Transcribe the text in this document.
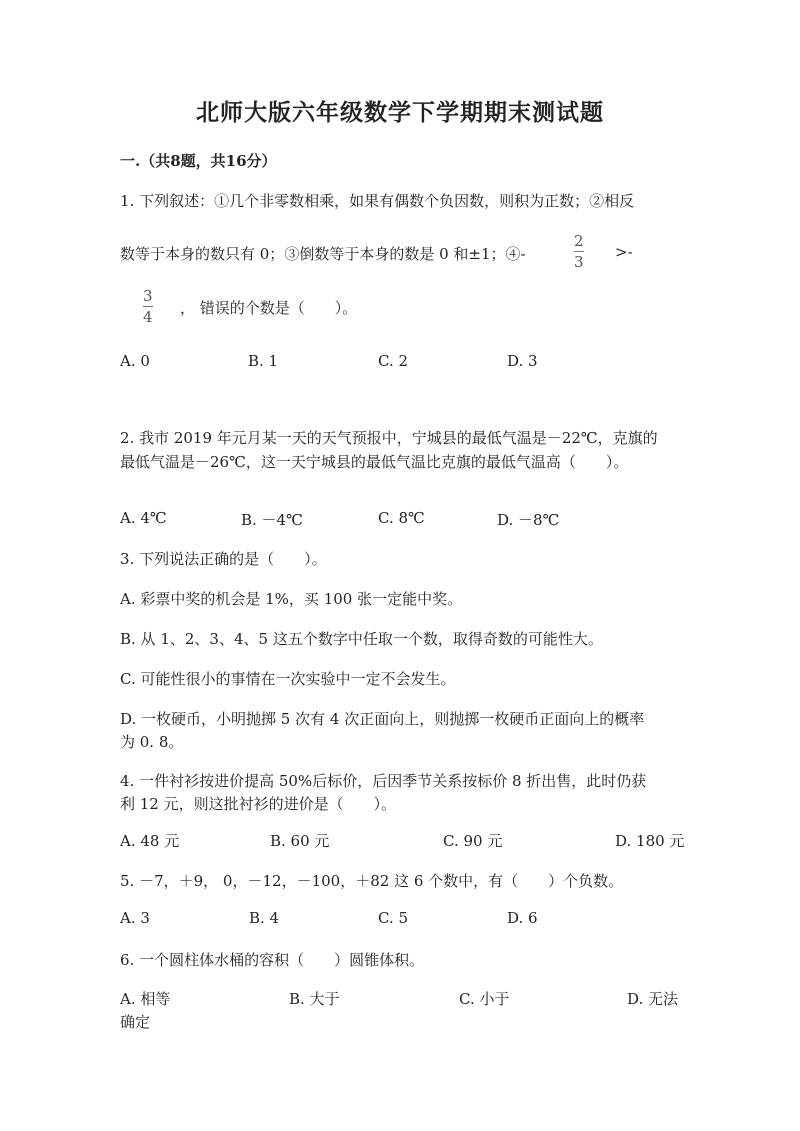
北师大版六年级数学下学期期末测试题
一.（共8题，共16分）
1. 下列叙述：①几个非零数相乘，如果有偶数个负因数，则积为正数；②相反
数等于本身的数只有 0；③倒数等于本身的数是 0 和±1；④-
2
3
>-
3
4 ， 错误的个数是（　　）。
A. 0	B. 1	C. 2	D. 3
2. 我市 2019 年元月某一天的天气预报中，宁城县的最低气温是－22℃，克旗的
最低气温是－26℃，这一天宁城县的最低气温比克旗的最低气温高（　　）。
A. 4℃	B. －4℃	C. 8℃	D. －8℃
3. 下列说法正确的是（　　）。
A. 彩票中奖的机会是 1%，买 100 张一定能中奖。
B. 从 1、2、3、4、5 这五个数字中任取一个数，取得奇数的可能性大。
C. 可能性很小的事情在一次实验中一定不会发生。
D. 一枚硬币，小明抛掷 5 次有 4 次正面向上，则抛掷一枚硬币正面向上的概率
为 0. 8。
4. 一件衬衫按进价提高 50%后标价，后因季节关系按标价 8 折出售，此时仍获
利 12 元，则这批衬衫的进价是（　　）。
A. 48 元	B. 60 元	C. 90 元	D. 180 元
5. －7，＋9， 0，－12，－100，＋82 这 6 个数中，有（　　）个负数。
A. 3	B. 4	C. 5	D. 6
6. 一个圆柱体水桶的容积（　　）圆锥体积。
A. 相等	B. 大于	C. 小于	D. 无法
确定
